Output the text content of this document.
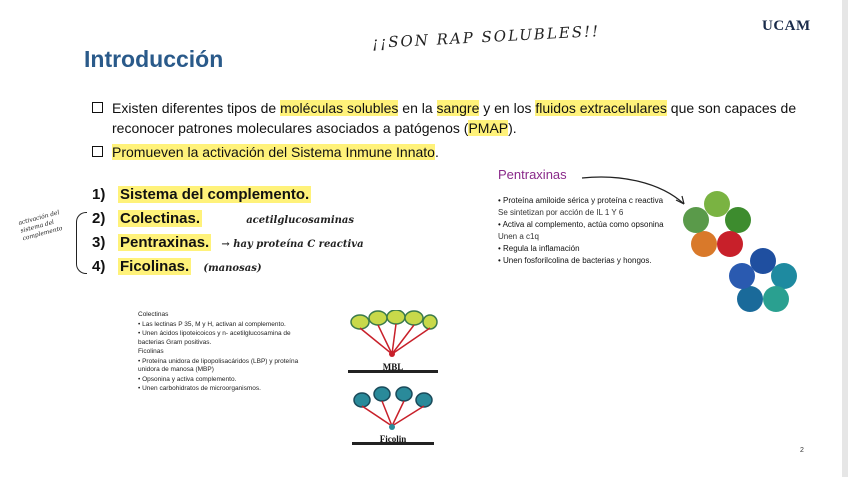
UCAM
Introducción
¡¡SON RAP SOLUBLES!!
Existen diferentes tipos de moléculas solubles en la sangre y en los fluidos extracelulares que son capaces de reconocer patrones moleculares asociados a patógenos (PMAP).
Promueven la activación del Sistema Inmune Innato.
1) Sistema del complemento.
2) Colectinas.	acetilglucosaminas
3) Pentraxinas. → hay proteína C reactiva
4) Ficolinas. (manosas)
activación del sistema del complemento
Pentraxinas
• Proteína amiloide sérica y proteína c reactiva
Se sintetizan por acción de IL 1 Y 6
• Activa al complemento, actúa como opsonina
Unen a c1q
• Regula la inflamación
• Unen fosforilcolina de bacterias y hongos.
Colectinas
• Las lectinas P 35, M y H, activan al complemento.
• Unen ácidos lipoteicoicos y n- acetilglucosamina de bacterias Gram positivas.
Ficolinas
• Proteína unidora de lipopolisacáridos (LBP) y proteína unidora de manosa (MBP)
• Opsonina y activa complemento.
• Unen carbohidratos de microorganismos.
MBL
Ficolin
2
